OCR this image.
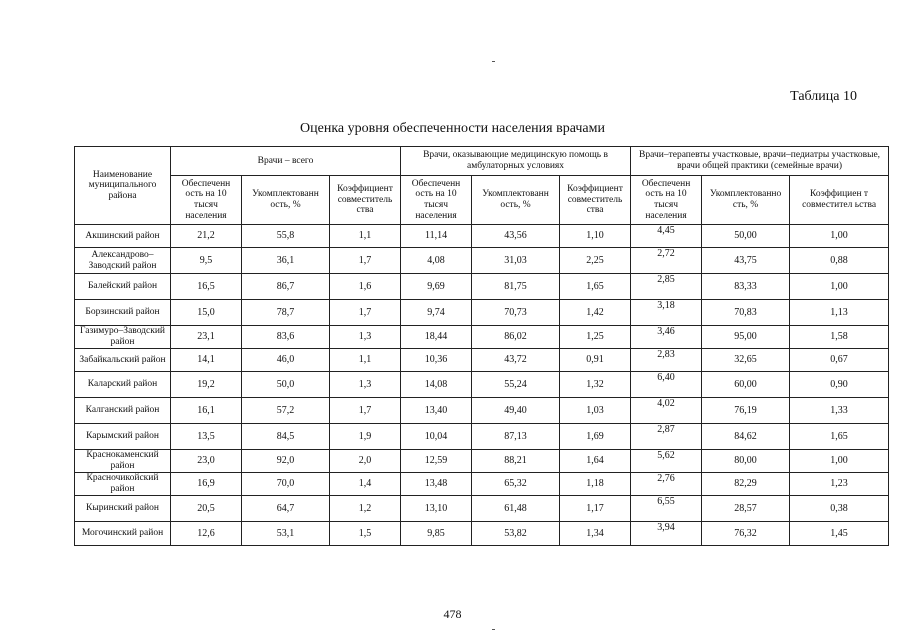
Таблица 10
Оценка уровня обеспеченности населения врачами
Наименование муниципального района	Врачи – всего			Врачи, оказывающие медицинскую помощь в амбулаторных условиях			Врачи–терапевты участковые, врачи–педиатры участковые, врачи общей практики (семейные врачи)		
	Обеспеченн ость на 10 тысяч населения	Укомплектованн ость, %	Коэффициент совместитель ства	Обеспеченн ость на 10 тысяч населения	Укомплектованн ость, %	Коэффициент совместитель ства	Обеспеченн ость на 10 тысяч населения	Укомплектованно сть, %	Коэффициен т совместител ьства
Акшинский район	21,2	55,8	1,1	11,14	43,56	1,10	4,45	50,00	1,00
Александрово–Заводский район	9,5	36,1	1,7	4,08	31,03	2,25	2,72	43,75	0,88
Балейский район	16,5	86,7	1,6	9,69	81,75	1,65	2,85	83,33	1,00
Борзинский район	15,0	78,7	1,7	9,74	70,73	1,42	3,18	70,83	1,13
Газимуро–Заводский район	23,1	83,6	1,3	18,44	86,02	1,25	3,46	95,00	1,58
Забайкальский район	14,1	46,0	1,1	10,36	43,72	0,91	2,83	32,65	0,67
Каларский район	19,2	50,0	1,3	14,08	55,24	1,32	6,40	60,00	0,90
Калганский район	16,1	57,2	1,7	13,40	49,40	1,03	4,02	76,19	1,33
Карымский район	13,5	84,5	1,9	10,04	87,13	1,69	2,87	84,62	1,65
Краснокаменский район	23,0	92,0	2,0	12,59	88,21	1,64	5,62	80,00	1,00
Красночикойский район	16,9	70,0	1,4	13,48	65,32	1,18	2,76	82,29	1,23
Кыринский район	20,5	64,7	1,2	13,10	61,48	1,17	6,55	28,57	0,38
Могочинский район	12,6	53,1	1,5	9,85	53,82	1,34	3,94	76,32	1,45
478
